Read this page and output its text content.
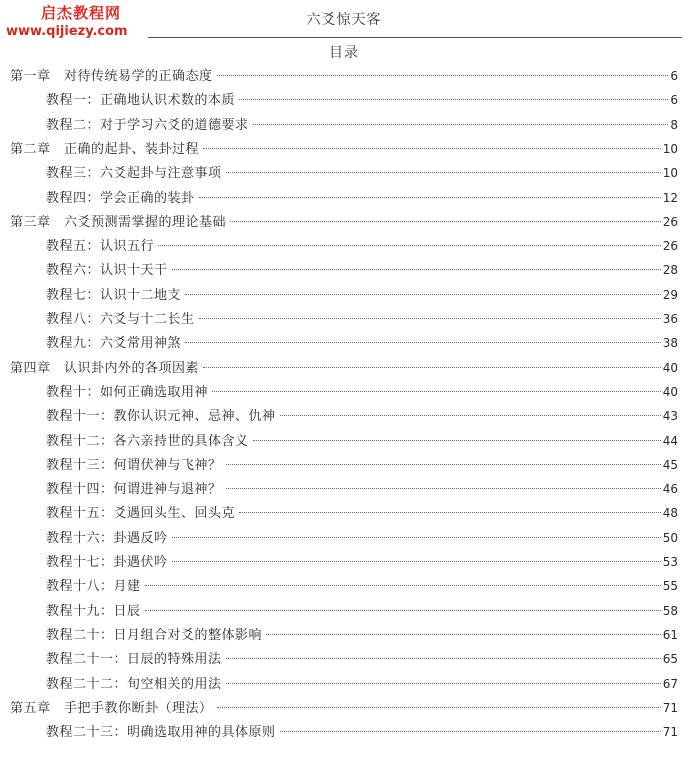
启杰教程网
www.qijiezy.com
六爻惊天客
目录
第一章　对待传统易学的正确态度	6
教程一：正确地认识术数的本质	6
教程二：对于学习六爻的道德要求	8
第二章　正确的起卦、装卦过程	10
教程三：六爻起卦与注意事项	10
教程四：学会正确的装卦	12
第三章　六爻预测需掌握的理论基础	26
教程五：认识五行	26
教程六：认识十天干	28
教程七：认识十二地支	29
教程八：六爻与十二长生	36
教程九：六爻常用神煞	38
第四章　认识卦内外的各项因素	40
教程十：如何正确选取用神	40
教程十一：教你认识元神、忌神、仇神	43
教程十二：各六亲持世的具体含义	44
教程十三：何谓伏神与飞神？	45
教程十四：何谓进神与退神？	46
教程十五：爻遇回头生、回头克	48
教程十六：卦遇反吟	50
教程十七：卦遇伏吟	53
教程十八：月建	55
教程十九：日辰	58
教程二十：日月组合对爻的整体影响	61
教程二十一：日辰的特殊用法	65
教程二十二：旬空相关的用法	67
第五章　手把手教你断卦（理法）	71
教程二十三：明确选取用神的具体原则	71
